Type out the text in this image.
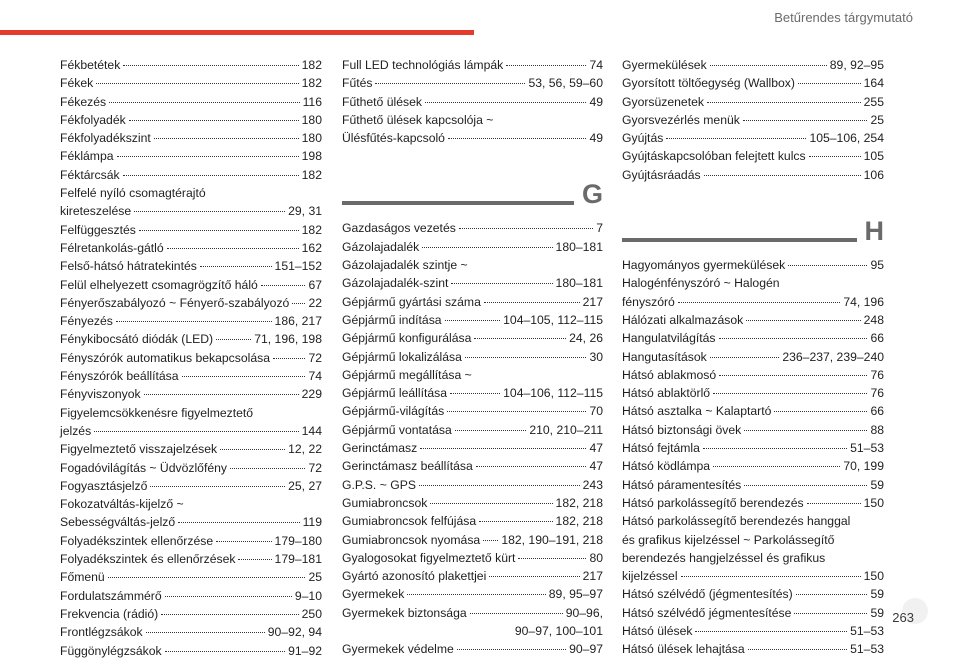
Betűrendes tárgymutató
Fékbetétek	182
Fékek	182
Fékezés	116
Fékfolyadék	180
Fékfolyadékszint	180
Féklámpa	198
Féktárcsák	182
Felfelé nyíló csomagtérajtó
kireteszelése	29, 31
Felfüggesztés	182
Félretankolás-gátló	162
Felső-hátsó hátratekintés	151–152
Felül elhelyezett csomagrögzítő háló	67
Fényerőszabályozó ~ Fényerő-szabályozó 22
Fényezés	186, 217
Fénykibocsátó diódák (LED)	71, 196, 198
Fényszórók automatikus bekapcsolása	72
Fényszórók beállítása	74
Fényviszonyok	229
Figyelemcsökkenésre figyelmeztető
jelzés	144
Figyelmeztető visszajelzések	12, 22
Fogadóvilágítás ~ Üdvözlőfény	72
Fogyasztásjelző	25, 27
Fokozatváltás-kijelző ~
Sebességváltás-jelző	119
Folyadékszintek ellenőrzése	179–180
Folyadékszintek és ellenőrzések	179–181
Főmenü	25
Fordulatszámmérő	9–10
Frekvencia (rádió)	250
Frontlégzsákok	90–92, 94
Függönylégzsákok	91–92
Full LED technológiás lámpák	74
Fűtés	53, 56, 59–60
Fűthető ülések	49
Fűthető ülések kapcsolója ~
Ülésfűtés-kapcsoló	49
G
Gazdaságos vezetés	7
Gázolajadalék	180–181
Gázolajadalék szintje ~
Gázolajadalék-szint	180–181
Gépjármű gyártási száma	217
Gépjármű indítása	104–105, 112–115
Gépjármű konfigurálása	24, 26
Gépjármű lokalizálása	30
Gépjármű megállítása ~
Gépjármű leállítása	104–106, 112–115
Gépjármű-világítás	70
Gépjármű vontatása	210, 210–211
Gerinctámasz	47
Gerinctámasz beállítása	47
G.P.S. ~ GPS	243
Gumiabroncsok	182, 218
Gumiabroncsok felfújása	182, 218
Gumiabroncsok nyomása 182, 190–191, 218
Gyalogosokat figyelmeztető kürt	80
Gyártó azonosító plakettjei	217
Gyermekek	89, 95–97
Gyermekek biztonsága	90–96,
90–97, 100–101
Gyermekek védelme	90–97
Gyermekülések	89, 92–95
Gyorsított töltőegység (Wallbox)	164
Gyorsüzenetek	255
Gyorsvezérlés menük	25
Gyújtás	105–106, 254
Gyújtáskapcsolóban felejtett kulcs	105
Gyújtásráadás	106
H
Hagyományos gyermekülések	95
Halogénfényszóró ~ Halogén
fényszóró	74, 196
Hálózati alkalmazások	248
Hangulatvilágítás	66
Hangutasítások	236–237, 239–240
Hátsó ablakmosó	76
Hátsó ablaktörlő	76
Hátsó asztalka ~ Kalaptartó	66
Hátsó biztonsági övek	88
Hátsó fejtámla	51–53
Hátsó ködlámpa	70, 199
Hátsó páramentesítés	59
Hátsó parkolássegítő berendezés	150
Hátsó parkolássegítő berendezés hanggal
és grafikus kijelzéssel ~ Parkolássegítő
berendezés hangjelzéssel és grafikus
kijelzéssel	150
Hátsó szélvédő (jégmentesítés)	59
Hátsó szélvédő jégmentesítése	59
Hátsó ülések	51–53
Hátsó ülések lehajtása	51–53
263
